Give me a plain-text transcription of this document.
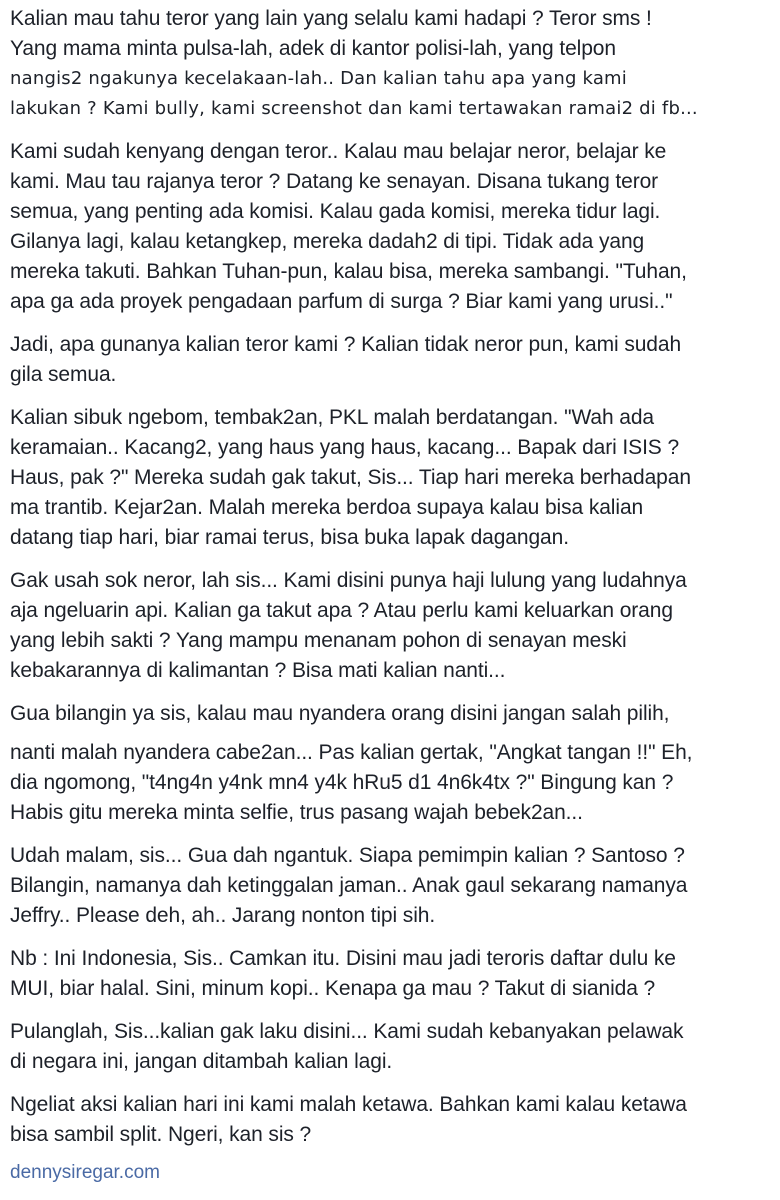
Kalian mau tahu teror yang lain yang selalu kami hadapi ? Teror sms !
Yang mama minta pulsa-lah, adek di kantor polisi-lah, yang telpon
nangis2 ngakunya kecelakaan-lah.. Dan kalian tahu apa yang kami
lakukan ? Kami bully, kami screenshot dan kami tertawakan ramai2 di fb...

Kami sudah kenyang dengan teror.. Kalau mau belajar neror, belajar ke
kami. Mau tau rajanya teror ? Datang ke senayan. Disana tukang teror
semua, yang penting ada komisi. Kalau gada komisi, mereka tidur lagi.
Gilanya lagi, kalau ketangkep, mereka dadah2 di tipi. Tidak ada yang
mereka takuti. Bahkan Tuhan-pun, kalau bisa, mereka sambangi. "Tuhan,
apa ga ada proyek pengadaan parfum di surga ? Biar kami yang urusi.."

Jadi, apa gunanya kalian teror kami ? Kalian tidak neror pun, kami sudah
gila semua.

Kalian sibuk ngebom, tembak2an, PKL malah berdatangan. "Wah ada
keramaian.. Kacang2, yang haus yang haus, kacang... Bapak dari ISIS ?
Haus, pak ?" Mereka sudah gak takut, Sis... Tiap hari mereka berhadapan
ma trantib. Kejar2an. Malah mereka berdoa supaya kalau bisa kalian
datang tiap hari, biar ramai terus, bisa buka lapak dagangan.

Gak usah sok neror, lah sis... Kami disini punya haji lulung yang ludahnya
aja ngeluarin api. Kalian ga takut apa ? Atau perlu kami keluarkan orang
yang lebih sakti ? Yang mampu menanam pohon di senayan meski
kebakarannya di kalimantan ? Bisa mati kalian nanti...

Gua bilangin ya sis, kalau mau nyandera orang disini jangan salah pilih,

nanti malah nyandera cabe2an... Pas kalian gertak, "Angkat tangan !!" Eh,
dia ngomong, "t4ng4n y4nk mn4 y4k hRu5 d1 4n6k4tx ?" Bingung kan ?
Habis gitu mereka minta selfie, trus pasang wajah bebek2an...

Udah malam, sis... Gua dah ngantuk. Siapa pemimpin kalian ? Santoso ?
Bilangin, namanya dah ketinggalan jaman.. Anak gaul sekarang namanya
Jeffry.. Please deh, ah.. Jarang nonton tipi sih.

Nb : Ini Indonesia, Sis.. Camkan itu. Disini mau jadi teroris daftar dulu ke
MUI, biar halal. Sini, minum kopi.. Kenapa ga mau ? Takut di sianida ?

Pulanglah, Sis...kalian gak laku disini... Kami sudah kebanyakan pelawak
di negara ini, jangan ditambah kalian lagi.

Ngeliat aksi kalian hari ini kami malah ketawa. Bahkan kami kalau ketawa
bisa sambil split. Ngeri, kan sis ?

dennysiregar.com
